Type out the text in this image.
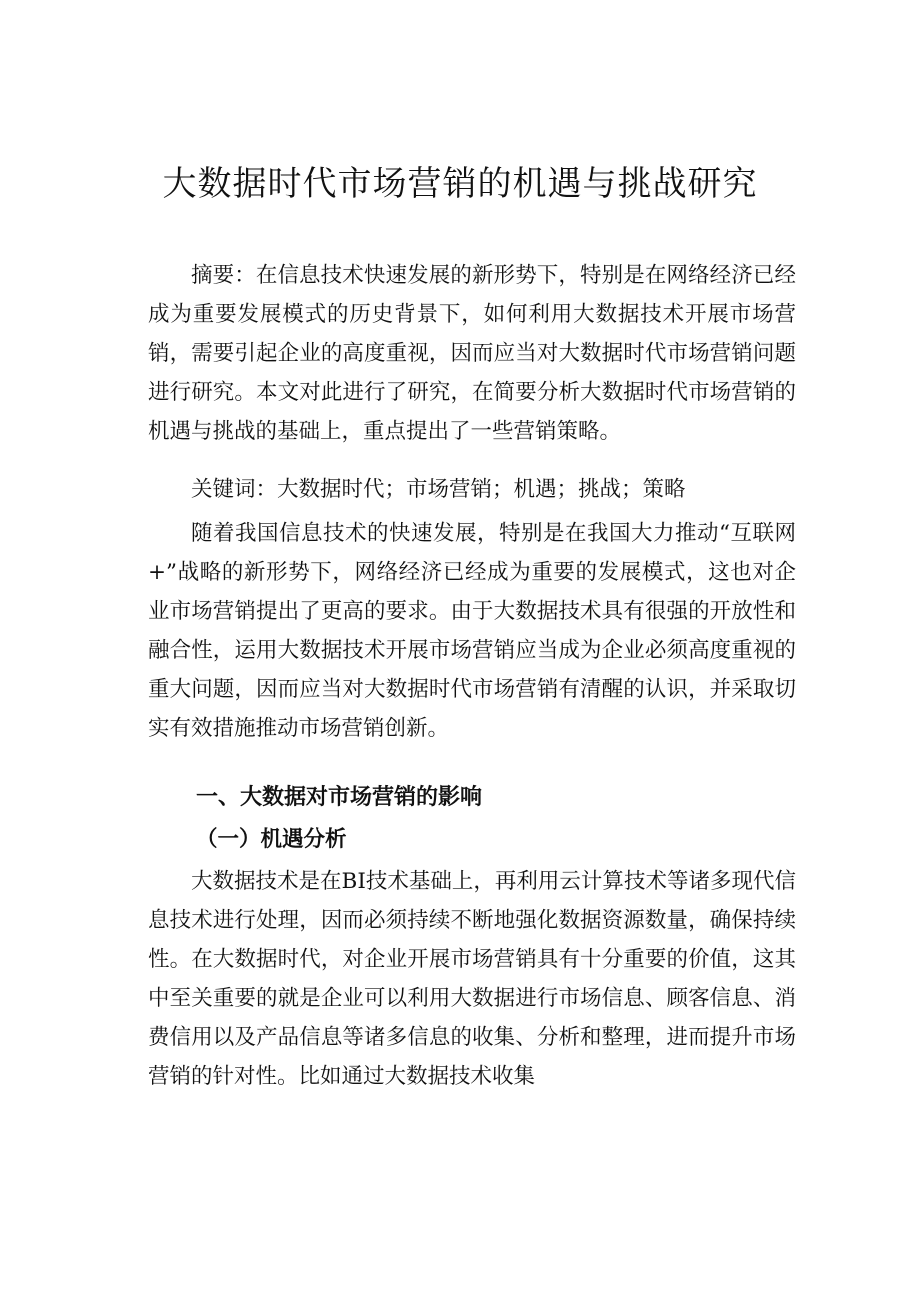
大数据时代市场营销的机遇与挑战研究

摘要：在信息技术快速发展的新形势下，特别是在网络经济已经成为重要发展模式的历史背景下，如何利用大数据技术开展市场营销，需要引起企业的高度重视，因而应当对大数据时代市场营销问题进行研究。本文对此进行了研究，在简要分析大数据时代市场营销的机遇与挑战的基础上，重点提出了一些营销策略。

关键词：大数据时代；市场营销；机遇；挑战；策略

随着我国信息技术的快速发展，特别是在我国大力推动“互联网+”战略的新形势下，网络经济已经成为重要的发展模式，这也对企业市场营销提出了更高的要求。由于大数据技术具有很强的开放性和融合性，运用大数据技术开展市场营销应当成为企业必须高度重视的重大问题，因而应当对大数据时代市场营销有清醒的认识，并采取切实有效措施推动市场营销创新。

一、大数据对市场营销的影响
（一）机遇分析

大数据技术是在BI技术基础上，再利用云计算技术等诸多现代信息技术进行处理，因而必须持续不断地强化数据资源数量，确保持续性。在大数据时代，对企业开展市场营销具有十分重要的价值，这其中至关重要的就是企业可以利用大数据进行市场信息、顾客信息、消费信用以及产品信息等诸多信息的收集、分析和整理，进而提升市场营销的针对性。比如通过大数据技术收集
